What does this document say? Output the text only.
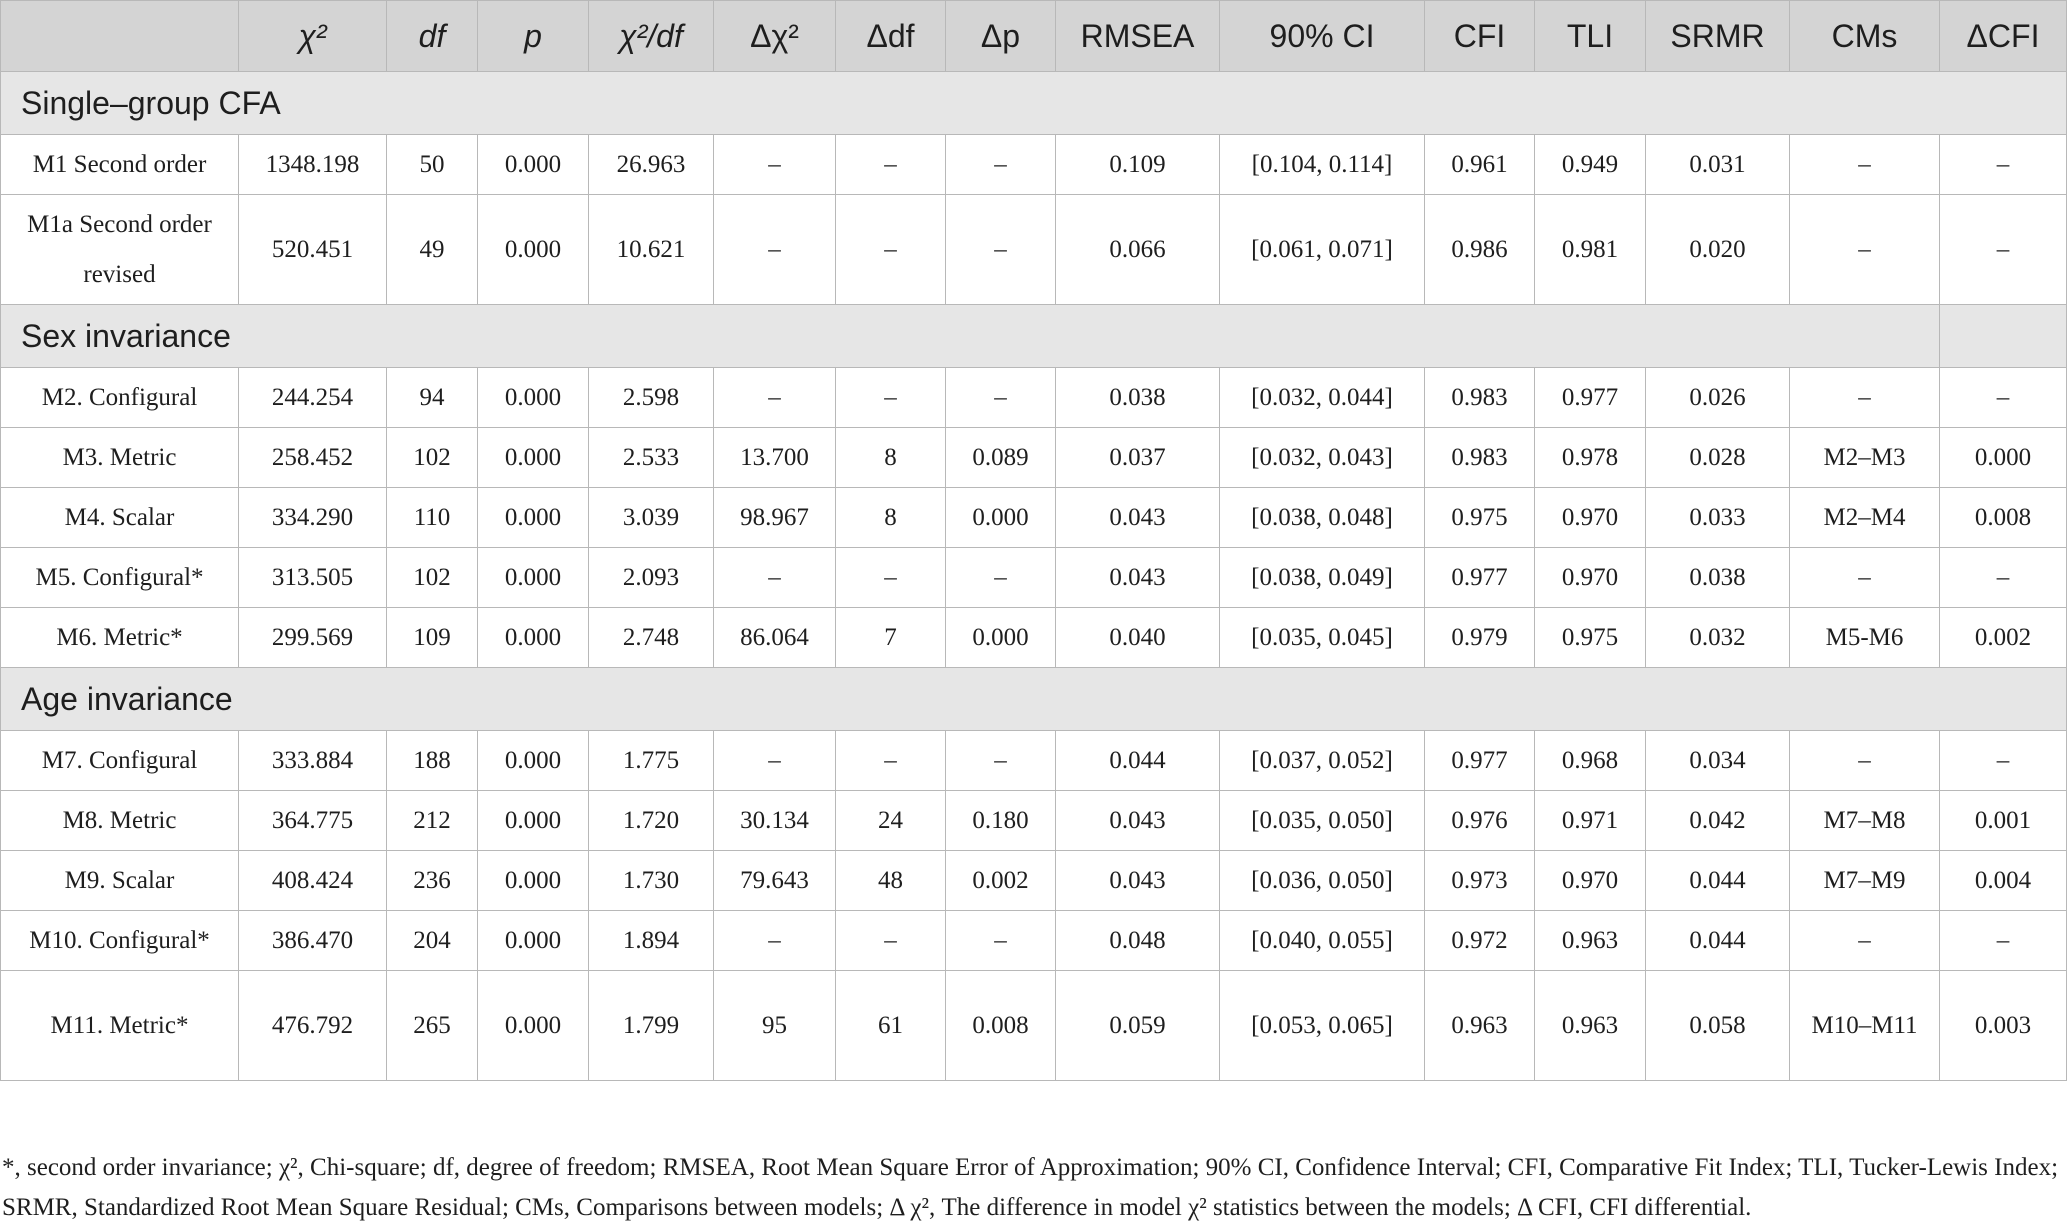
	χ²	df	p	χ²/df	Δχ²	Δdf	Δp	RMSEA	90% CI	CFI	TLI	SRMR	CMs	ΔCFI
Single–group CFA														
M1 Second order	1348.198	50	0.000	26.963	–	–	–	0.109	[0.104, 0.114]	0.961	0.949	0.031	–	–
M1a Second order revised	520.451	49	0.000	10.621	–	–	–	0.066	[0.061, 0.071]	0.986	0.981	0.020	–	–
Sex invariance														
M2. Configural	244.254	94	0.000	2.598	–	–	–	0.038	[0.032, 0.044]	0.983	0.977	0.026	–	–
M3. Metric	258.452	102	0.000	2.533	13.700	8	0.089	0.037	[0.032, 0.043]	0.983	0.978	0.028	M2–M3	0.000
M4. Scalar	334.290	110	0.000	3.039	98.967	8	0.000	0.043	[0.038, 0.048]	0.975	0.970	0.033	M2–M4	0.008
M5. Configural*	313.505	102	0.000	2.093	–	–	–	0.043	[0.038, 0.049]	0.977	0.970	0.038	–	–
M6. Metric*	299.569	109	0.000	2.748	86.064	7	0.000	0.040	[0.035, 0.045]	0.979	0.975	0.032	M5-M6	0.002
Age invariance														
M7. Configural	333.884	188	0.000	1.775	–	–	–	0.044	[0.037, 0.052]	0.977	0.968	0.034	–	–
M8. Metric	364.775	212	0.000	1.720	30.134	24	0.180	0.043	[0.035, 0.050]	0.976	0.971	0.042	M7–M8	0.001
M9. Scalar	408.424	236	0.000	1.730	79.643	48	0.002	0.043	[0.036, 0.050]	0.973	0.970	0.044	M7–M9	0.004
M10. Configural*	386.470	204	0.000	1.894	–	–	–	0.048	[0.040, 0.055]	0.972	0.963	0.044	–	–
M11. Metric*	476.792	265	0.000	1.799	95	61	0.008	0.059	[0.053, 0.065]	0.963	0.963	0.058	M10–M11	0.003
*, second order invariance; χ², Chi-square; df, degree of freedom; RMSEA, Root Mean Square Error of Approximation; 90% CI, Confidence Interval; CFI, Comparative Fit Index; TLI, Tucker-Lewis Index; SRMR, Standardized Root Mean Square Residual; CMs, Comparisons between models; Δ χ², The difference in model χ² statistics between the models; Δ CFI, CFI differential.
